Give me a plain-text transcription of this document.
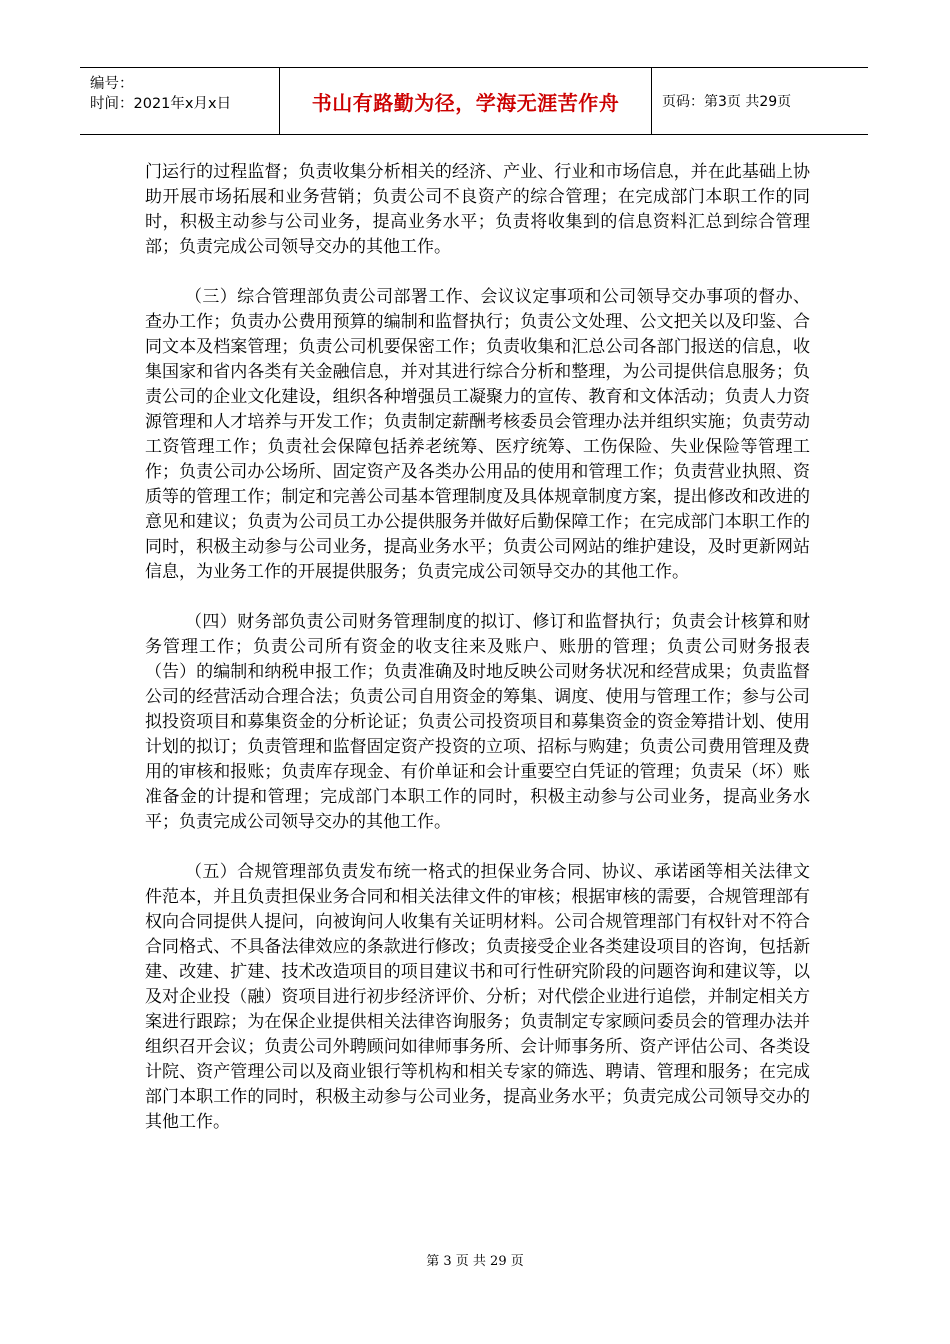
编号：
时间：2021年x月x日	书山有路勤为径，学海无涯苦作舟	页码：第3页 共29页

门运行的过程监督；负责收集分析相关的经济、产业、行业和市场信息，并在此基础上协助开展市场拓展和业务营销；负责公司不良资产的综合管理；在完成部门本职工作的同时，积极主动参与公司业务，提高业务水平；负责将收集到的信息资料汇总到综合管理部；负责完成公司领导交办的其他工作。

（三）综合管理部负责公司部署工作、会议议定事项和公司领导交办事项的督办、查办工作；负责办公费用预算的编制和监督执行；负责公文处理、公文把关以及印鉴、合同文本及档案管理；负责公司机要保密工作；负责收集和汇总公司各部门报送的信息，收集国家和省内各类有关金融信息，并对其进行综合分析和整理，为公司提供信息服务；负责公司的企业文化建设，组织各种增强员工凝聚力的宣传、教育和文体活动；负责人力资源管理和人才培养与开发工作；负责制定薪酬考核委员会管理办法并组织实施；负责劳动工资管理工作；负责社会保障包括养老统筹、医疗统筹、工伤保险、失业保险等管理工作；负责公司办公场所、固定资产及各类办公用品的使用和管理工作；负责营业执照、资质等的管理工作；制定和完善公司基本管理制度及具体规章制度方案，提出修改和改进的意见和建议；负责为公司员工办公提供服务并做好后勤保障工作；在完成部门本职工作的同时，积极主动参与公司业务，提高业务水平；负责公司网站的维护建设，及时更新网站信息，为业务工作的开展提供服务；负责完成公司领导交办的其他工作。

（四）财务部负责公司财务管理制度的拟订、修订和监督执行；负责会计核算和财务管理工作；负责公司所有资金的收支往来及账户、账册的管理；负责公司财务报表（告）的编制和纳税申报工作；负责准确及时地反映公司财务状况和经营成果；负责监督公司的经营活动合理合法；负责公司自用资金的筹集、调度、使用与管理工作；参与公司拟投资项目和募集资金的分析论证；负责公司投资项目和募集资金的资金筹措计划、使用计划的拟订；负责管理和监督固定资产投资的立项、招标与购建；负责公司费用管理及费用的审核和报账；负责库存现金、有价单证和会计重要空白凭证的管理；负责呆（坏）账准备金的计提和管理；完成部门本职工作的同时，积极主动参与公司业务，提高业务水平；负责完成公司领导交办的其他工作。

（五）合规管理部负责发布统一格式的担保业务合同、协议、承诺函等相关法律文件范本，并且负责担保业务合同和相关法律文件的审核；根据审核的需要，合规管理部有权向合同提供人提问，向被询问人收集有关证明材料。公司合规管理部门有权针对不符合合同格式、不具备法律效应的条款进行修改；负责接受企业各类建设项目的咨询，包括新建、改建、扩建、技术改造项目的项目建议书和可行性研究阶段的问题咨询和建议等，以及对企业投（融）资项目进行初步经济评价、分析；对代偿企业进行追偿，并制定相关方案进行跟踪；为在保企业提供相关法律咨询服务；负责制定专家顾问委员会的管理办法并组织召开会议；负责公司外聘顾问如律师事务所、会计师事务所、资产评估公司、各类设计院、资产管理公司以及商业银行等机构和相关专家的筛选、聘请、管理和服务；在完成部门本职工作的同时，积极主动参与公司业务，提高业务水平；负责完成公司领导交办的其他工作。

第 3 页 共 29 页
